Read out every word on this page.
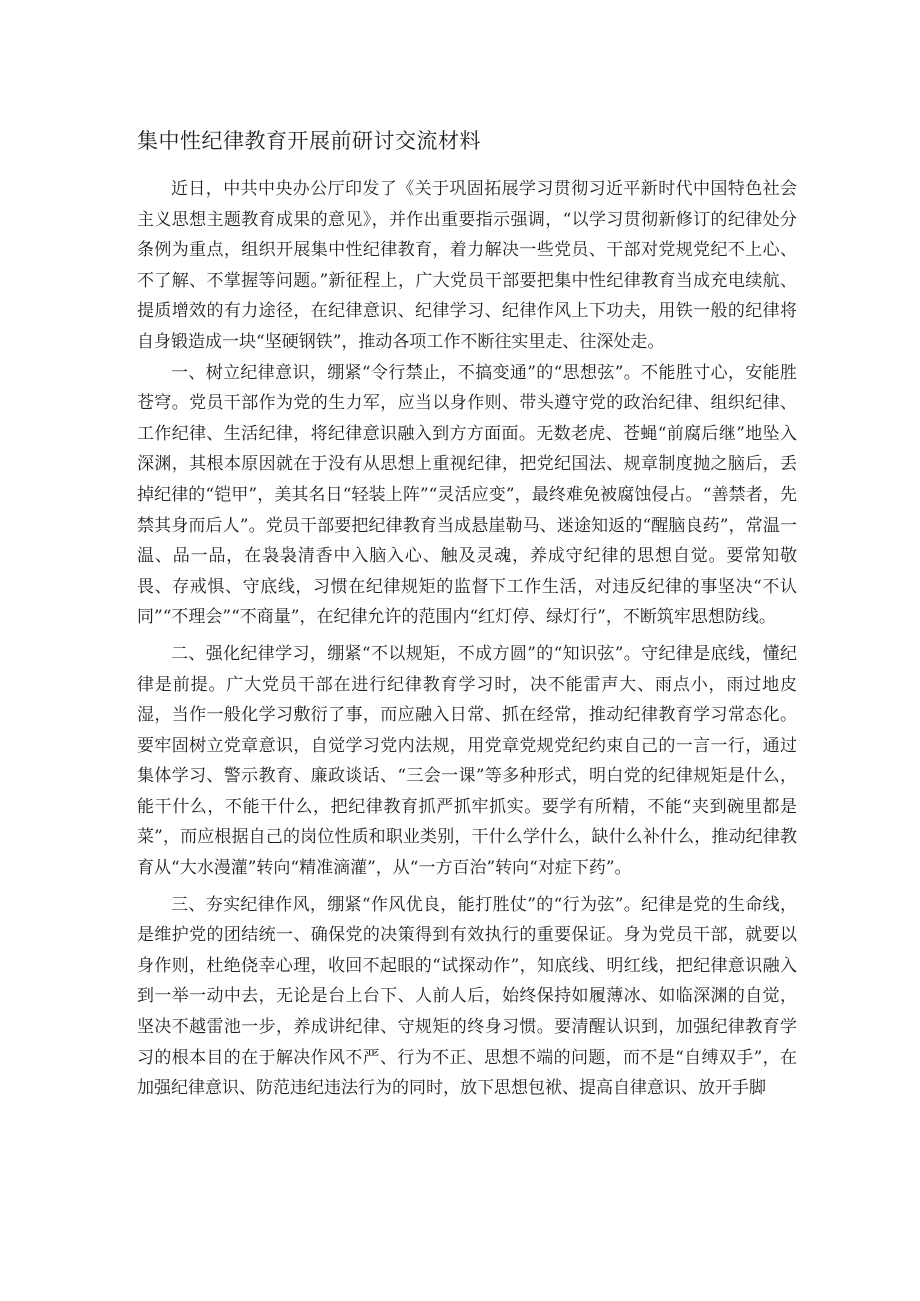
集中性纪律教育开展前研讨交流材料

近日，中共中央办公厅印发了《关于巩固拓展学习贯彻习近平新时代中国特色社会主义思想主题教育成果的意见》，并作出重要指示强调，“以学习贯彻新修订的纪律处分条例为重点，组织开展集中性纪律教育，着力解决一些党员、干部对党规党纪不上心、不了解、不掌握等问题。”新征程上，广大党员干部要把集中性纪律教育当成充电续航、提质增效的有力途径，在纪律意识、纪律学习、纪律作风上下功夫，用铁一般的纪律将自身锻造成一块“坚硬钢铁”，推动各项工作不断往实里走、往深处走。

一、树立纪律意识，绷紧“令行禁止，不搞变通”的“思想弦”。不能胜寸心，安能胜苍穹。党员干部作为党的生力军，应当以身作则、带头遵守党的政治纪律、组织纪律、工作纪律、生活纪律，将纪律意识融入到方方面面。无数老虎、苍蝇“前腐后继”地坠入深渊，其根本原因就在于没有从思想上重视纪律，把党纪国法、规章制度抛之脑后，丢掉纪律的“铠甲”，美其名日“轻装上阵”“灵活应变”，最终难免被腐蚀侵占。“善禁者，先禁其身而后人”。党员干部要把纪律教育当成悬崖勒马、迷途知返的“醒脑良药”，常温一温、品一品，在袅袅清香中入脑入心、触及灵魂，养成守纪律的思想自觉。要常知敬畏、存戒惧、守底线，习惯在纪律规矩的监督下工作生活，对违反纪律的事坚决“不认同”“不理会”“不商量”，在纪律允许的范围内“红灯停、绿灯行”，不断筑牢思想防线。

二、强化纪律学习，绷紧“不以规矩，不成方圆”的“知识弦”。守纪律是底线，懂纪律是前提。广大党员干部在进行纪律教育学习时，决不能雷声大、雨点小，雨过地皮湿，当作一般化学习敷衍了事，而应融入日常、抓在经常，推动纪律教育学习常态化。要牢固树立党章意识，自觉学习党内法规，用党章党规党纪约束自己的一言一行，通过集体学习、警示教育、廉政谈话、“三会一课”等多种形式，明白党的纪律规矩是什么，能干什么，不能干什么，把纪律教育抓严抓牢抓实。要学有所精，不能“夹到碗里都是菜”，而应根据自己的岗位性质和职业类别，干什么学什么，缺什么补什么，推动纪律教育从“大水漫灌”转向“精准滴灌”，从“一方百治”转向“对症下药”。

三、夯实纪律作风，绷紧“作风优良，能打胜仗”的“行为弦”。纪律是党的生命线，是维护党的团结统一、确保党的决策得到有效执行的重要保证。身为党员干部，就要以身作则，杜绝侥幸心理，收回不起眼的“试探动作”，知底线、明红线，把纪律意识融入到一举一动中去，无论是台上台下、人前人后，始终保持如履薄冰、如临深渊的自觉，坚决不越雷池一步，养成讲纪律、守规矩的终身习惯。要清醒认识到，加强纪律教育学习的根本目的在于解决作风不严、行为不正、思想不端的问题，而不是“自缚双手”，在加强纪律意识、防范违纪违法行为的同时，放下思想包袱、提高自律意识、放开手脚
